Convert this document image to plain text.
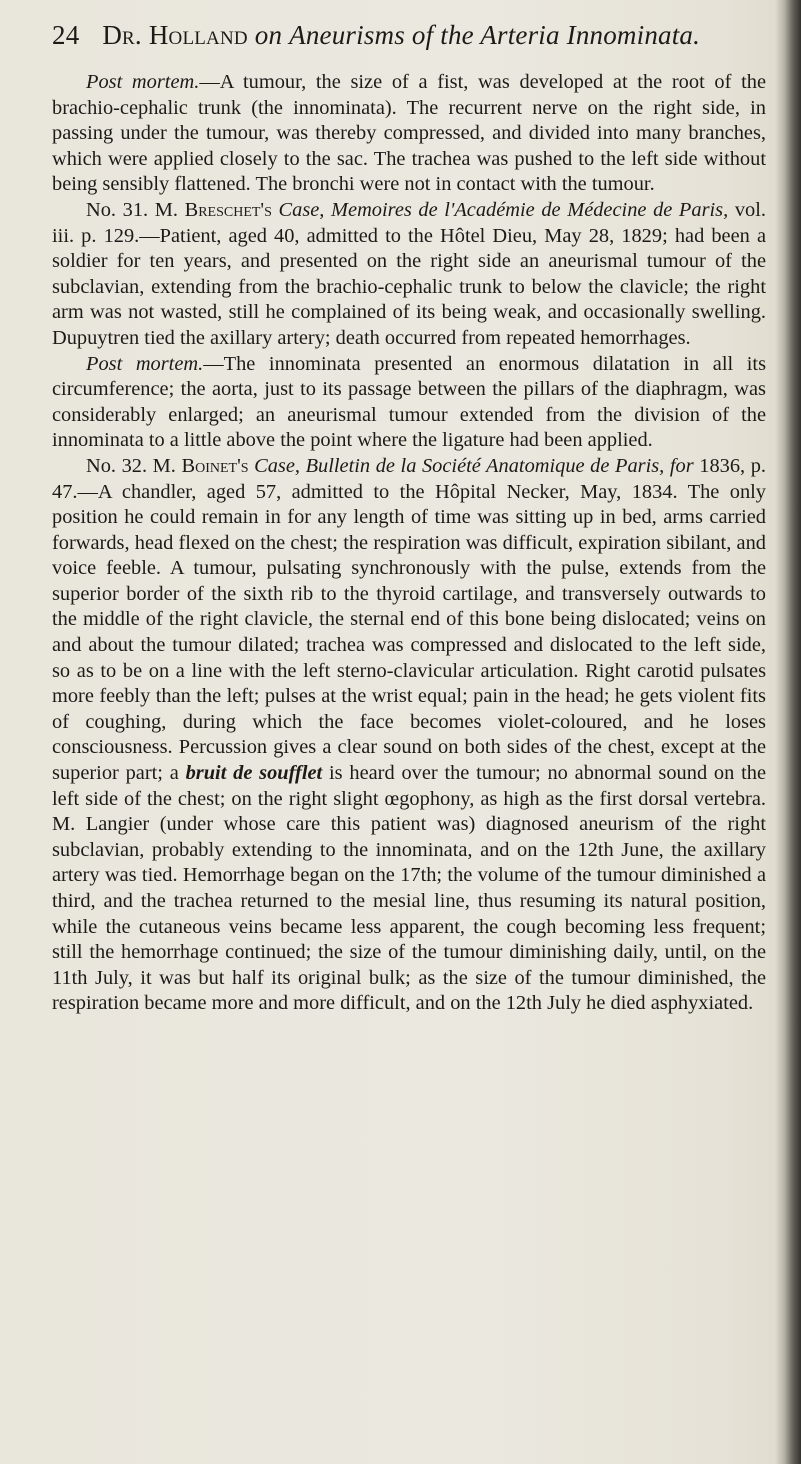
24 Dr. Holland on Aneurisms of the Arteria Innominata.

Post mortem.—A tumour, the size of a fist, was developed at the root of the brachio-cephalic trunk (the innominata). The recurrent nerve on the right side, in passing under the tumour, was thereby compressed, and divided into many branches, which were applied closely to the sac. The trachea was pushed to the left side without being sensibly flattened. The bronchi were not in contact with the tumour.

No. 31. M. Breschet's Case, Memoires de l'Académie de Médecine de Paris, vol. iii. p. 129.—Patient, aged 40, admitted to the Hôtel Dieu, May 28, 1829; had been a soldier for ten years, and presented on the right side an aneurismal tumour of the subclavian, extending from the brachio-cephalic trunk to below the clavicle; the right arm was not wasted, still he complained of its being weak, and occasionally swelling. Dupuytren tied the axillary artery; death occurred from repeated hemorrhages.

Post mortem.—The innominata presented an enormous dilatation in all its circumference; the aorta, just to its passage between the pillars of the diaphragm, was considerably enlarged; an aneurismal tumour extended from the division of the innominata to a little above the point where the ligature had been applied.

No. 32. M. Boinet's Case, Bulletin de la Société Anatomique de Paris, for 1836, p. 47.—A chandler, aged 57, admitted to the Hôpital Necker, May, 1834. The only position he could remain in for any length of time was sitting up in bed, arms carried forwards, head flexed on the chest; the respiration was difficult, expiration sibilant, and voice feeble. A tumour, pulsating synchronously with the pulse, extends from the superior border of the sixth rib to the thyroid cartilage, and transversely outwards to the middle of the right clavicle, the sternal end of this bone being dislocated; veins on and about the tumour dilated; trachea was compressed and dislocated to the left side, so as to be on a line with the left sterno-clavicular articulation. Right carotid pulsates more feebly than the left; pulses at the wrist equal; pain in the head; he gets violent fits of coughing, during which the face becomes violet-coloured, and he loses consciousness. Percussion gives a clear sound on both sides of the chest, except at the superior part; a bruit de soufflet is heard over the tumour; no abnormal sound on the left side of the chest; on the right slight œgophony, as high as the first dorsal vertebra. M. Langier (under whose care this patient was) diagnosed aneurism of the right subclavian, probably extending to the innominata, and on the 12th June, the axillary artery was tied. Hemorrhage began on the 17th; the volume of the tumour diminished a third, and the trachea returned to the mesial line, thus resuming its natural position, while the cutaneous veins became less apparent, the cough becoming less frequent; still the hemorrhage continued; the size of the tumour diminishing daily, until, on the 11th July, it was but half its original bulk; as the size of the tumour diminished, the respiration became more and more difficult, and on the 12th July he died asphyxiated.
